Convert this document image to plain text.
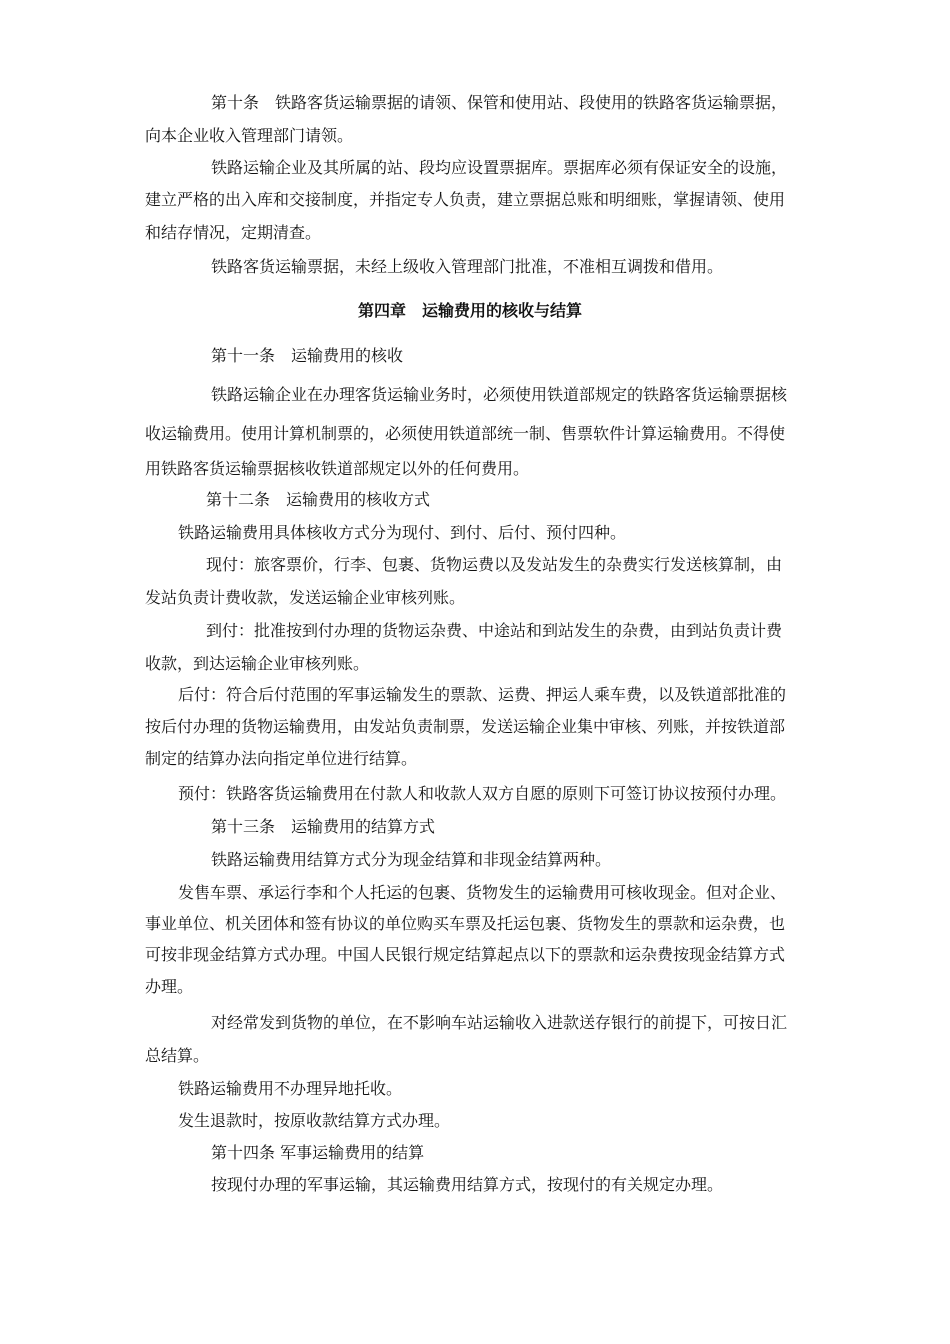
第十条　铁路客货运输票据的请领、保管和使用站、段使用的铁路客货运输票据，
向本企业收入管理部门请领。
铁路运输企业及其所属的站、段均应设置票据库。票据库必须有保证安全的设施，
建立严格的出入库和交接制度，并指定专人负责，建立票据总账和明细账，掌握请领、使用
和结存情况，定期清查。
铁路客货运输票据，未经上级收入管理部门批准，不准相互调拨和借用。
第四章　运输费用的核收与结算
第十一条　运输费用的核收
铁路运输企业在办理客货运输业务时，必须使用铁道部规定的铁路客货运输票据核
收运输费用。使用计算机制票的，必须使用铁道部统一制、售票软件计算运输费用。不得使
用铁路客货运输票据核收铁道部规定以外的任何费用。
第十二条　运输费用的核收方式
铁路运输费用具体核收方式分为现付、到付、后付、预付四种。
现付：旅客票价，行李、包裹、货物运费以及发站发生的杂费实行发送核算制，由
发站负责计费收款，发送运输企业审核列账。
到付：批准按到付办理的货物运杂费、中途站和到站发生的杂费，由到站负责计费
收款，到达运输企业审核列账。
后付：符合后付范围的军事运输发生的票款、运费、押运人乘车费，以及铁道部批准的
按后付办理的货物运输费用，由发站负责制票，发送运输企业集中审核、列账，并按铁道部
制定的结算办法向指定单位进行结算。
预付：铁路客货运输费用在付款人和收款人双方自愿的原则下可签订协议按预付办理。
第十三条　运输费用的结算方式
铁路运输费用结算方式分为现金结算和非现金结算两种。
发售车票、承运行李和个人托运的包裹、货物发生的运输费用可核收现金。但对企业、
事业单位、机关团体和签有协议的单位购买车票及托运包裹、货物发生的票款和运杂费，也
可按非现金结算方式办理。中国人民银行规定结算起点以下的票款和运杂费按现金结算方式
办理。
对经常发到货物的单位，在不影响车站运输收入进款送存银行的前提下，可按日汇
总结算。
铁路运输费用不办理异地托收。
发生退款时，按原收款结算方式办理。
第十四条 军事运输费用的结算
按现付办理的军事运输，其运输费用结算方式，按现付的有关规定办理。
